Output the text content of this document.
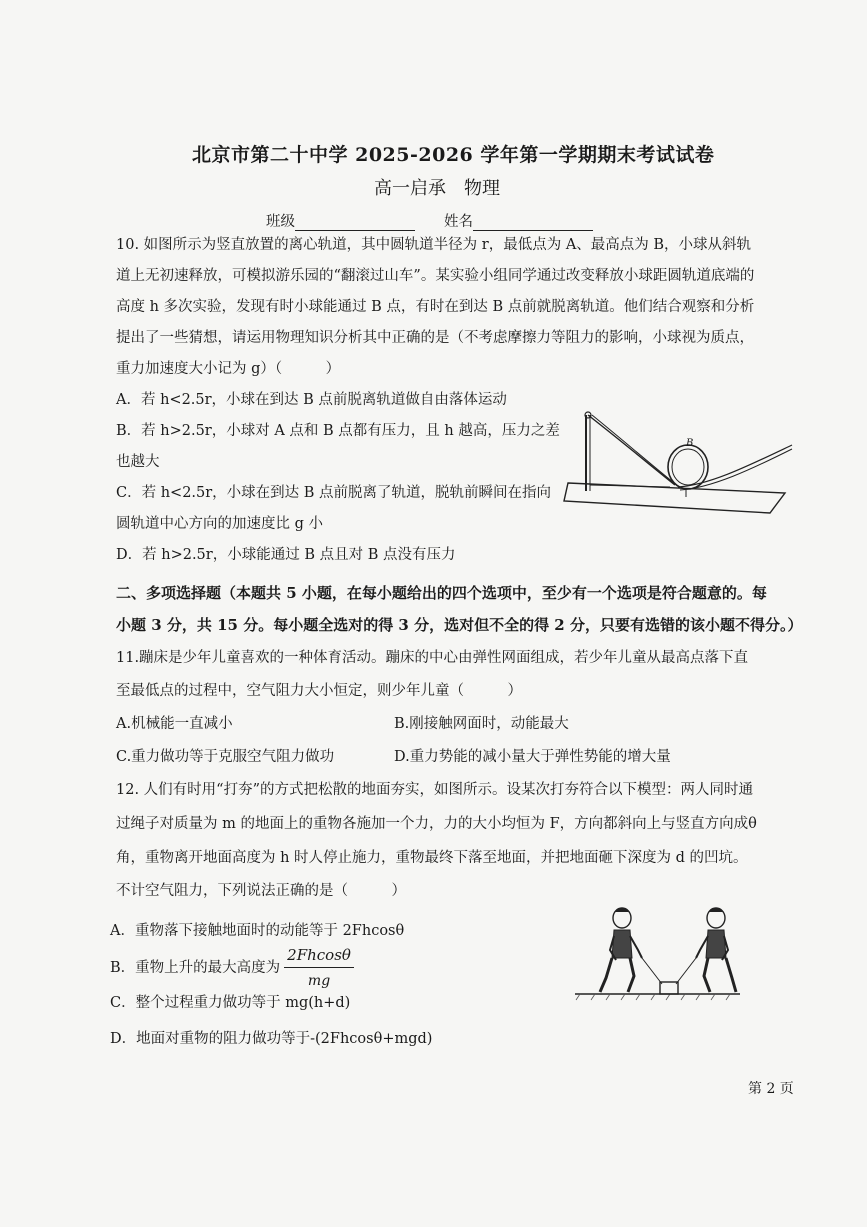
北京市第二十中学 2025-2026 学年第一学期期末考试试卷
高一启承　物理
班级	姓名
10. 如图所示为竖直放置的离心轨道，其中圆轨道半径为 r，最低点为 A、最高点为 B，小球从斜轨
道上无初速释放，可模拟游乐园的“翻滚过山车”。某实验小组同学通过改变释放小球距圆轨道底端的
高度 h 多次实验，发现有时小球能通过 B 点，有时在到达 B 点前就脱离轨道。他们结合观察和分析
提出了一些猜想，请运用物理知识分析其中正确的是（不考虑摩擦力等阻力的影响，小球视为质点，
重力加速度大小记为 g）（　　　）
A．若 h<2.5r，小球在到达 B 点前脱离轨道做自由落体运动
B．若 h>2.5r，小球对 A 点和 B 点都有压力，且 h 越高，压力之差
也越大
C．若 h<2.5r，小球在到达 B 点前脱离了轨道，脱轨前瞬间在指向
圆轨道中心方向的加速度比 g 小
D．若 h>2.5r，小球能通过 B 点且对 B 点没有压力
B
二、多项选择题（本题共 5 小题，在每小题给出的四个选项中，至少有一个选项是符合题意的。每
小题 3 分，共 15 分。每小题全选对的得 3 分，选对但不全的得 2 分，只要有选错的该小题不得分。）
11.蹦床是少年儿童喜欢的一种体育活动。蹦床的中心由弹性网面组成，若少年儿童从最高点落下直
至最低点的过程中，空气阻力大小恒定，则少年儿童（　　　）
A.机械能一直减小	B.刚接触网面时，动能最大
C.重力做功等于克服空气阻力做功	D.重力势能的减小量大于弹性势能的增大量
12. 人们有时用“打夯”的方式把松散的地面夯实，如图所示。设某次打夯符合以下模型：两人同时通
过绳子对质量为 m 的地面上的重物各施加一个力，力的大小均恒为 F，方向都斜向上与竖直方向成θ
角，重物离开地面高度为 h 时人停止施力，重物最终下落至地面，并把地面砸下深度为 d 的凹坑。
不计空气阻力，下列说法正确的是（　　　）
A．重物落下接触地面时的动能等于 2Fhcosθ
B．重物上升的最大高度为 $\frac{2Fhcos\theta}{mg}$
C．整个过程重力做功等于 mg(h+d)
D．地面对重物的阻力做功等于-(2Fhcosθ+mgd)
第 2 页
